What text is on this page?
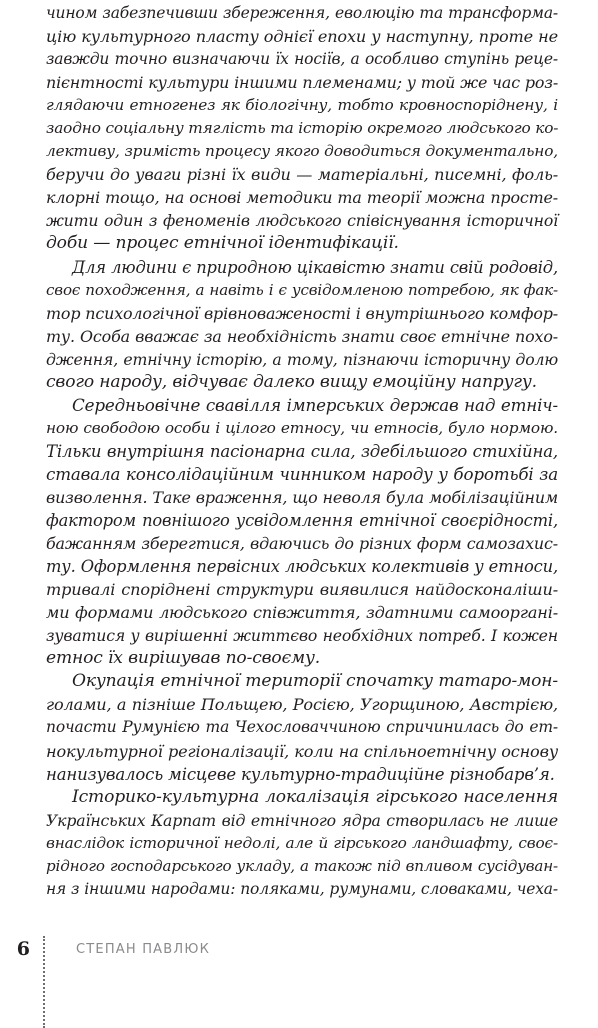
чином забезпечивши збереження, еволюцію та трансформа-
цію культурного пласту однієї епохи у наступну, проте не
завжди точно визначаючи їх носіїв, а особливо ступінь реце-
пієнтності культури іншими племенами; у той же час роз-
глядаючи етногенез як біологічну, тобто кровноспоріднену, і
заодно соціальну тяглість та історію окремого людського ко-
лективу, зримість процесу якого доводиться документально,
беручи до уваги різні їх види — матеріальні, писемні, фоль-
клорні тощо, на основі методики та теорії можна просте-
жити один з феноменів людського співіснування історичної
доби — процес етнічної ідентифікації.
Для людини є природною цікавістю знати свій родовід,
своє походження, а навіть і є усвідомленою потребою, як фак-
тор психологічної врівноваженості і внутрішнього комфор-
ту. Особа вважає за необхідність знати своє етнічне похо-
дження, етнічну історію, а тому, пізнаючи історичну долю
свого народу, відчуває далеко вищу емоційну напругу.
Середньовічне свавілля імперських держав над етніч-
ною свободою особи і цілого етносу, чи етносів, було нормою.
Тільки внутрішня пасіонарна сила, здебільшого стихійна,
ставала консолідаційним чинником народу у боротьбі за
визволення. Таке враження, що неволя була мобілізаційним
фактором повнішого усвідомлення етнічної своєрідності,
бажанням зберегтися, вдаючись до різних форм самозахис-
ту. Оформлення первісних людських колективів у етноси,
тривалі споріднені структури виявилися найдосконаліши-
ми формами людського співжиття, здатними самооргані-
зуватися у вирішенні життєво необхідних потреб. І кожен
етнос їх вирішував по-своєму.
Окупація етнічної території спочатку татаро-мон-
голами, а пізніше Польщею, Росією, Угорщиною, Австрією,
почасти Румунією та Чехословаччиною спричинилась до ет-
нокультурної регіоналізації, коли на спільноетнічну основу
нанизувалось місцеве культурно-традиційне різнобарв’я.
Історико-культурна локалізація гірського населення
Українських Карпат від етнічного ядра створилась не лише
внаслідок історичної недолі, але й гірського ландшафту, своє-
рідного господарського укладу, а також під впливом сусідуван-
ня з іншими народами: поляками, румунами, словаками, чеха-
6	СТЕПАН ПАВЛЮК
